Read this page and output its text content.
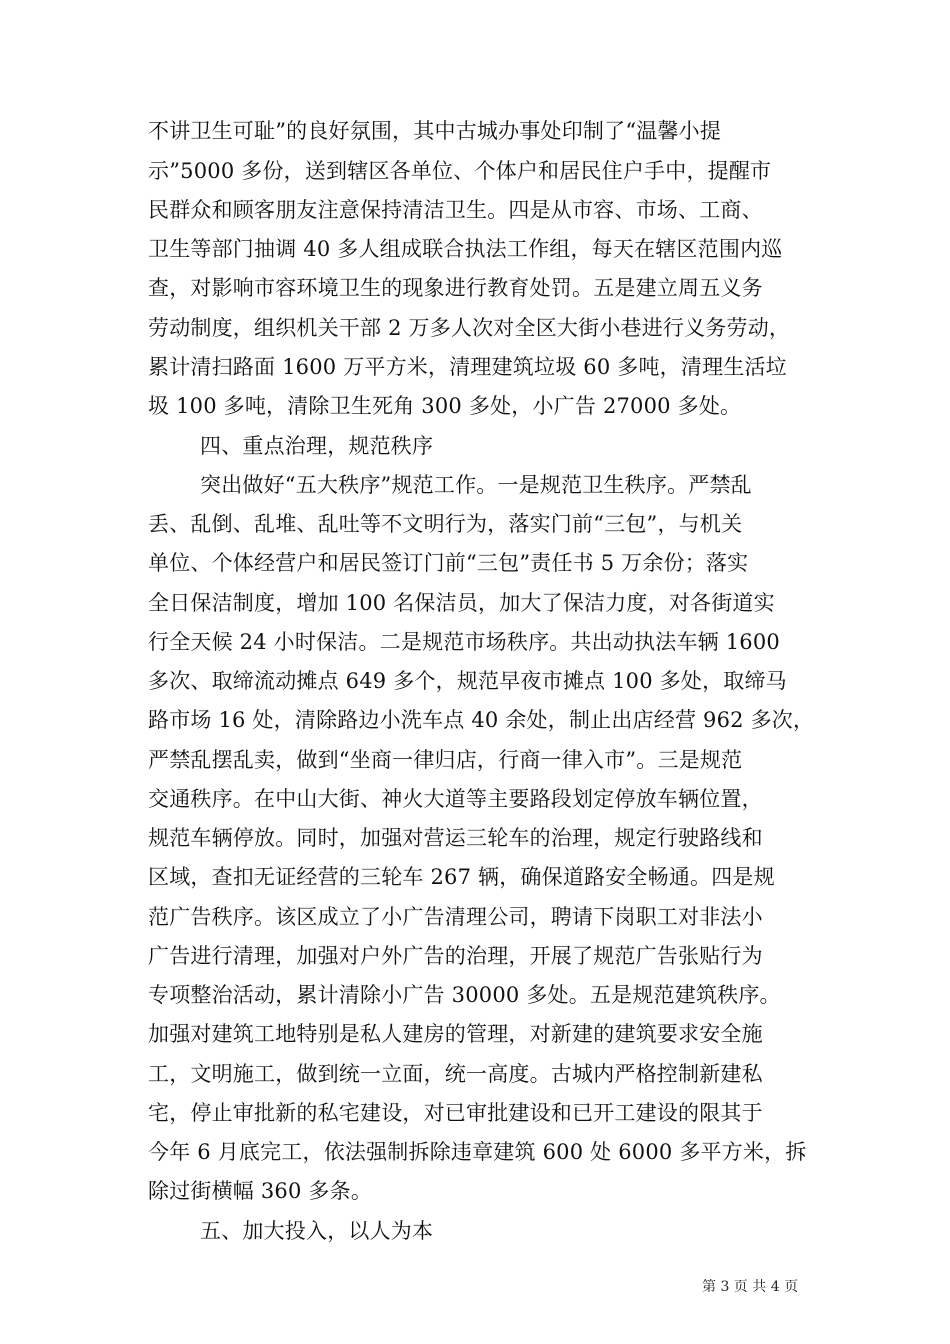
不讲卫生可耻”的良好氛围，其中古城办事处印制了“温馨小提
示”5000 多份，送到辖区各单位、个体户和居民住户手中，提醒市
民群众和顾客朋友注意保持清洁卫生。四是从市容、市场、工商、
卫生等部门抽调 40 多人组成联合执法工作组，每天在辖区范围内巡
查，对影响市容环境卫生的现象进行教育处罚。五是建立周五义务
劳动制度，组织机关干部 2 万多人次对全区大街小巷进行义务劳动，
累计清扫路面 1600 万平方米，清理建筑垃圾 60 多吨，清理生活垃
圾 100 多吨，清除卫生死角 300 多处，小广告 27000 多处。
四、重点治理，规范秩序
突出做好“五大秩序”规范工作。一是规范卫生秩序。严禁乱
丢、乱倒、乱堆、乱吐等不文明行为，落实门前“三包”，与机关
单位、个体经营户和居民签订门前“三包”责任书 5 万余份；落实
全日保洁制度，增加 100 名保洁员，加大了保洁力度，对各街道实
行全天候 24 小时保洁。二是规范市场秩序。共出动执法车辆 1600
多次、取缔流动摊点 649 多个，规范早夜市摊点 100 多处，取缔马
路市场 16 处，清除路边小洗车点 40 余处，制止出店经营 962 多次，
严禁乱摆乱卖，做到“坐商一律归店，行商一律入市”。三是规范
交通秩序。在中山大街、神火大道等主要路段划定停放车辆位置，
规范车辆停放。同时，加强对营运三轮车的治理，规定行驶路线和
区域，查扣无证经营的三轮车 267 辆，确保道路安全畅通。四是规
范广告秩序。该区成立了小广告清理公司，聘请下岗职工对非法小
广告进行清理，加强对户外广告的治理，开展了规范广告张贴行为
专项整治活动，累计清除小广告 30000 多处。五是规范建筑秩序。
加强对建筑工地特别是私人建房的管理，对新建的建筑要求安全施
工，文明施工，做到统一立面，统一高度。古城内严格控制新建私
宅，停止审批新的私宅建设，对已审批建设和已开工建设的限其于
今年 6 月底完工，依法强制拆除违章建筑 600 处 6000 多平方米，拆
除过街横幅 360 多条。
五、加大投入，以人为本
第 3 页 共 4 页
